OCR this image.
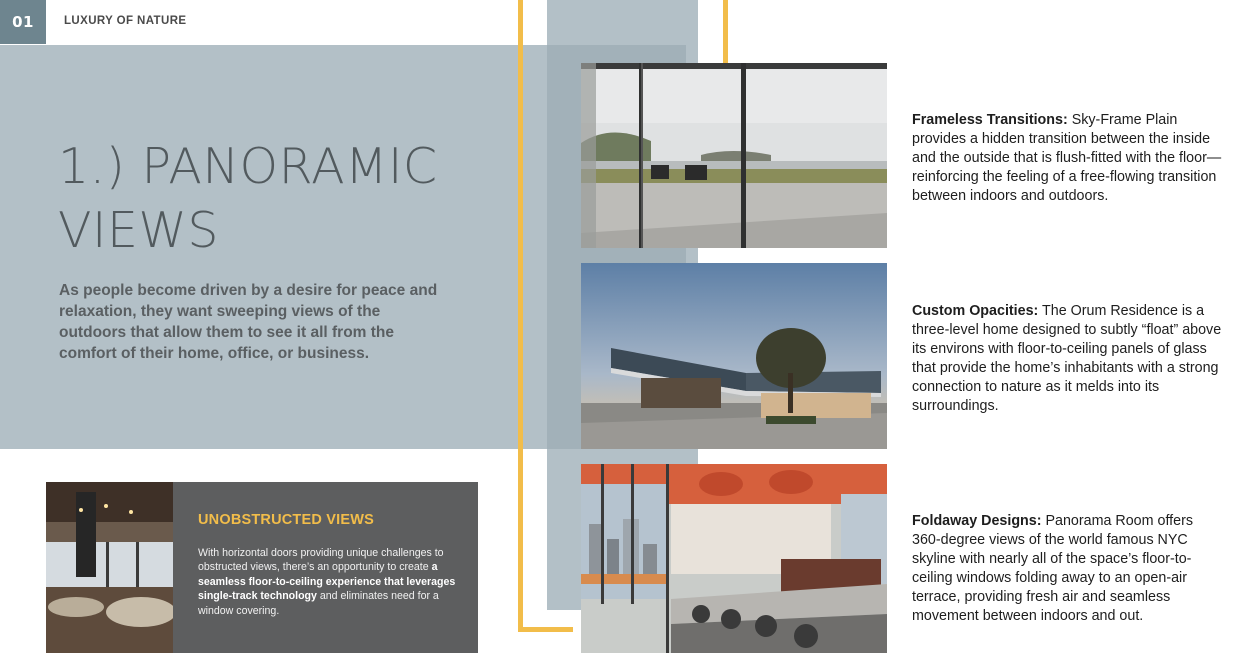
01	LUXURY OF NATURE
1.) PANORAMIC
VIEWS

As people become driven by a desire for peace and relaxation, they want sweeping views of the outdoors that allow them to see it all from the comfort of their home, office, or business.

Frameless Transitions: Sky-Frame Plain provides a hidden transition between the inside and the outside that is flush-fitted with the floor—reinforcing the feeling of a free-flowing transition between indoors and outdoors.

Custom Opacities: The Orum Residence is a three-level home designed to subtly “float” above its environs with floor-to-ceiling panels of glass that provide the home’s inhabitants with a strong connection to nature as it melds into its surroundings.

Foldaway Designs: Panorama Room offers 360-degree views of the world famous NYC skyline with nearly all of the space’s floor-to-ceiling windows folding away to an open-air terrace, providing fresh air and seamless movement between indoors and out.

UNOBSTRUCTED VIEWS

With horizontal doors providing unique challenges to obstructed views, there’s an opportunity to create a seamless floor-to-ceiling experience that leverages single-track technology and eliminates need for a window covering.
